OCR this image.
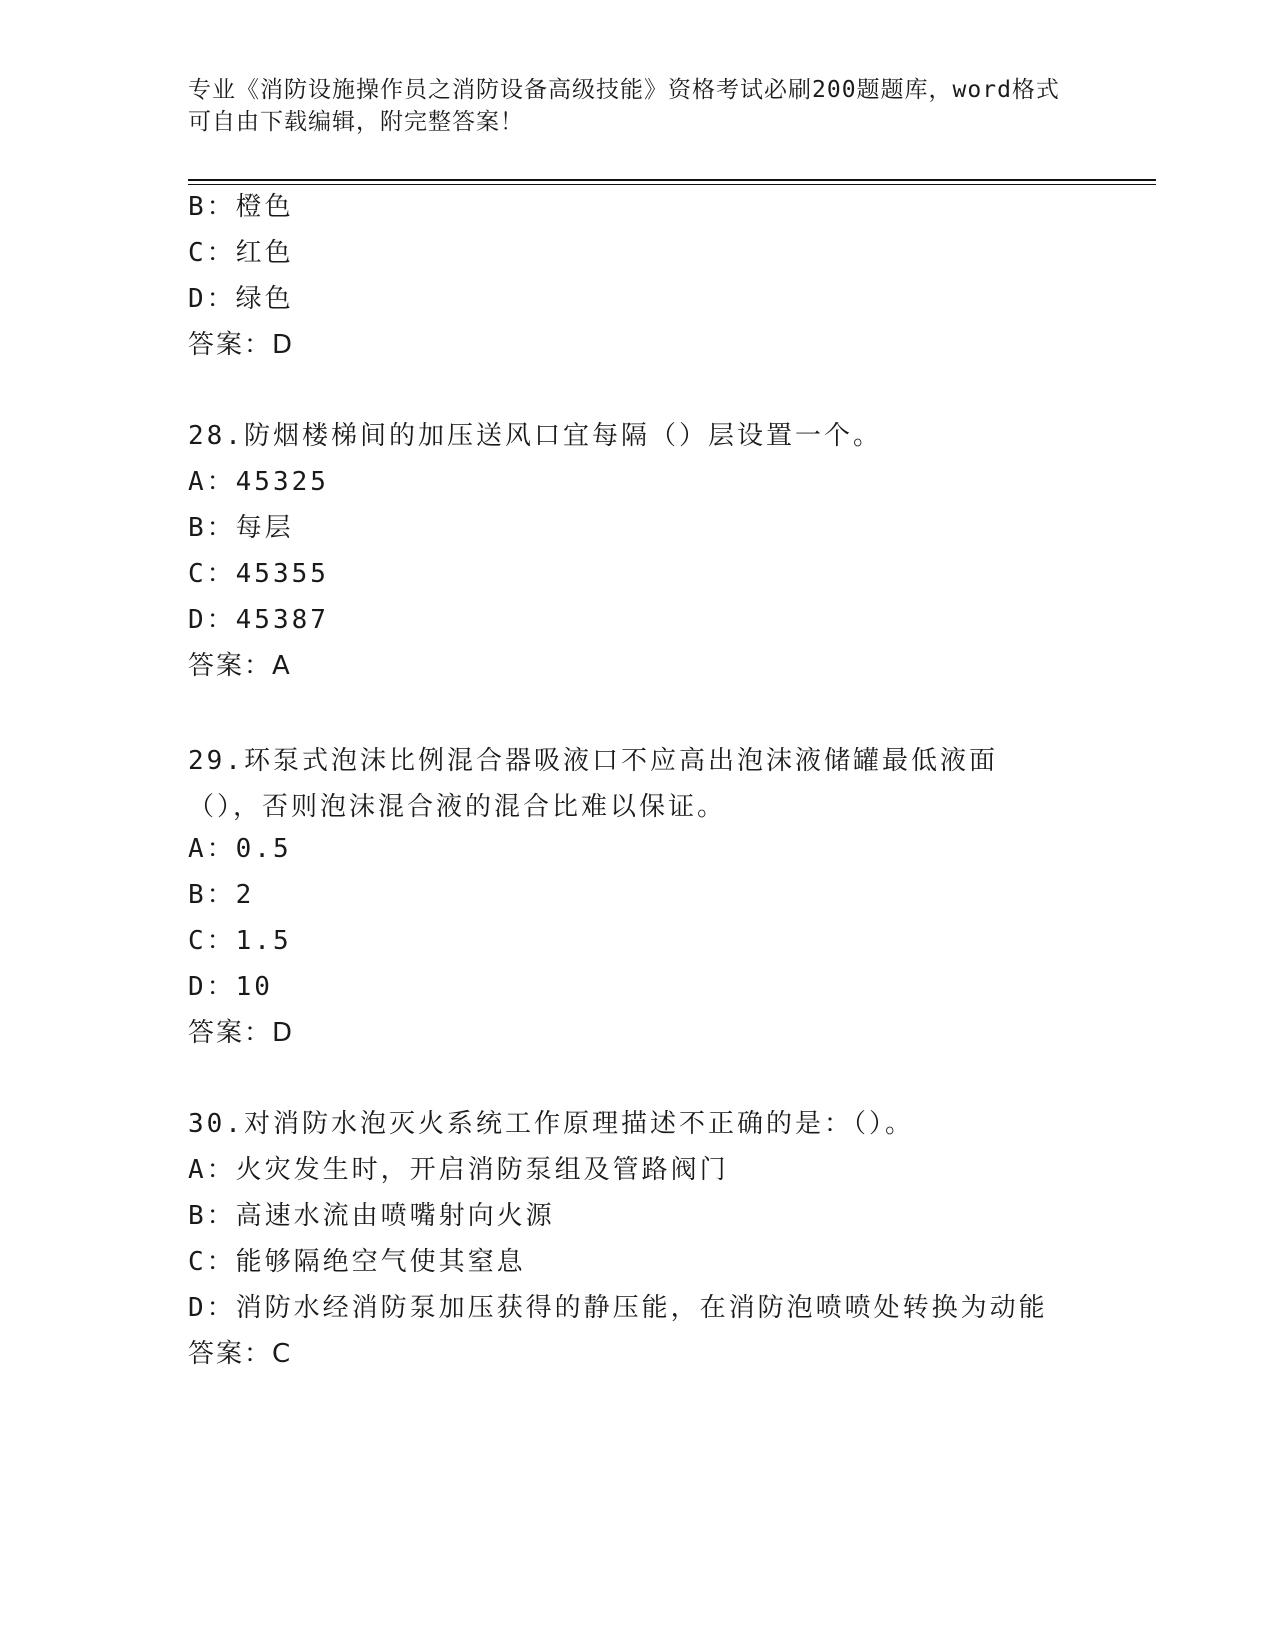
专业《消防设施操作员之消防设备高级技能》资格考试必刷200题题库，word格式可自由下载编辑，附完整答案！
B：橙色
C：红色
D：绿色
答案：D
28.防烟楼梯间的加压送风口宜每隔（）层设置一个。
A：45325
B：每层
C：45355
D：45387
答案：A
29.环泵式泡沫比例混合器吸液口不应高出泡沫液储罐最低液面（），否则泡沫混合液的混合比难以保证。
A：0.5
B：2
C：1.5
D：10
答案：D
30.对消防水泡灭火系统工作原理描述不正确的是：（）。
A：火灾发生时，开启消防泵组及管路阀门
B：高速水流由喷嘴射向火源
C：能够隔绝空气使其窒息
D：消防水经消防泵加压获得的静压能，在消防泡喷喷处转换为动能
答案：C
